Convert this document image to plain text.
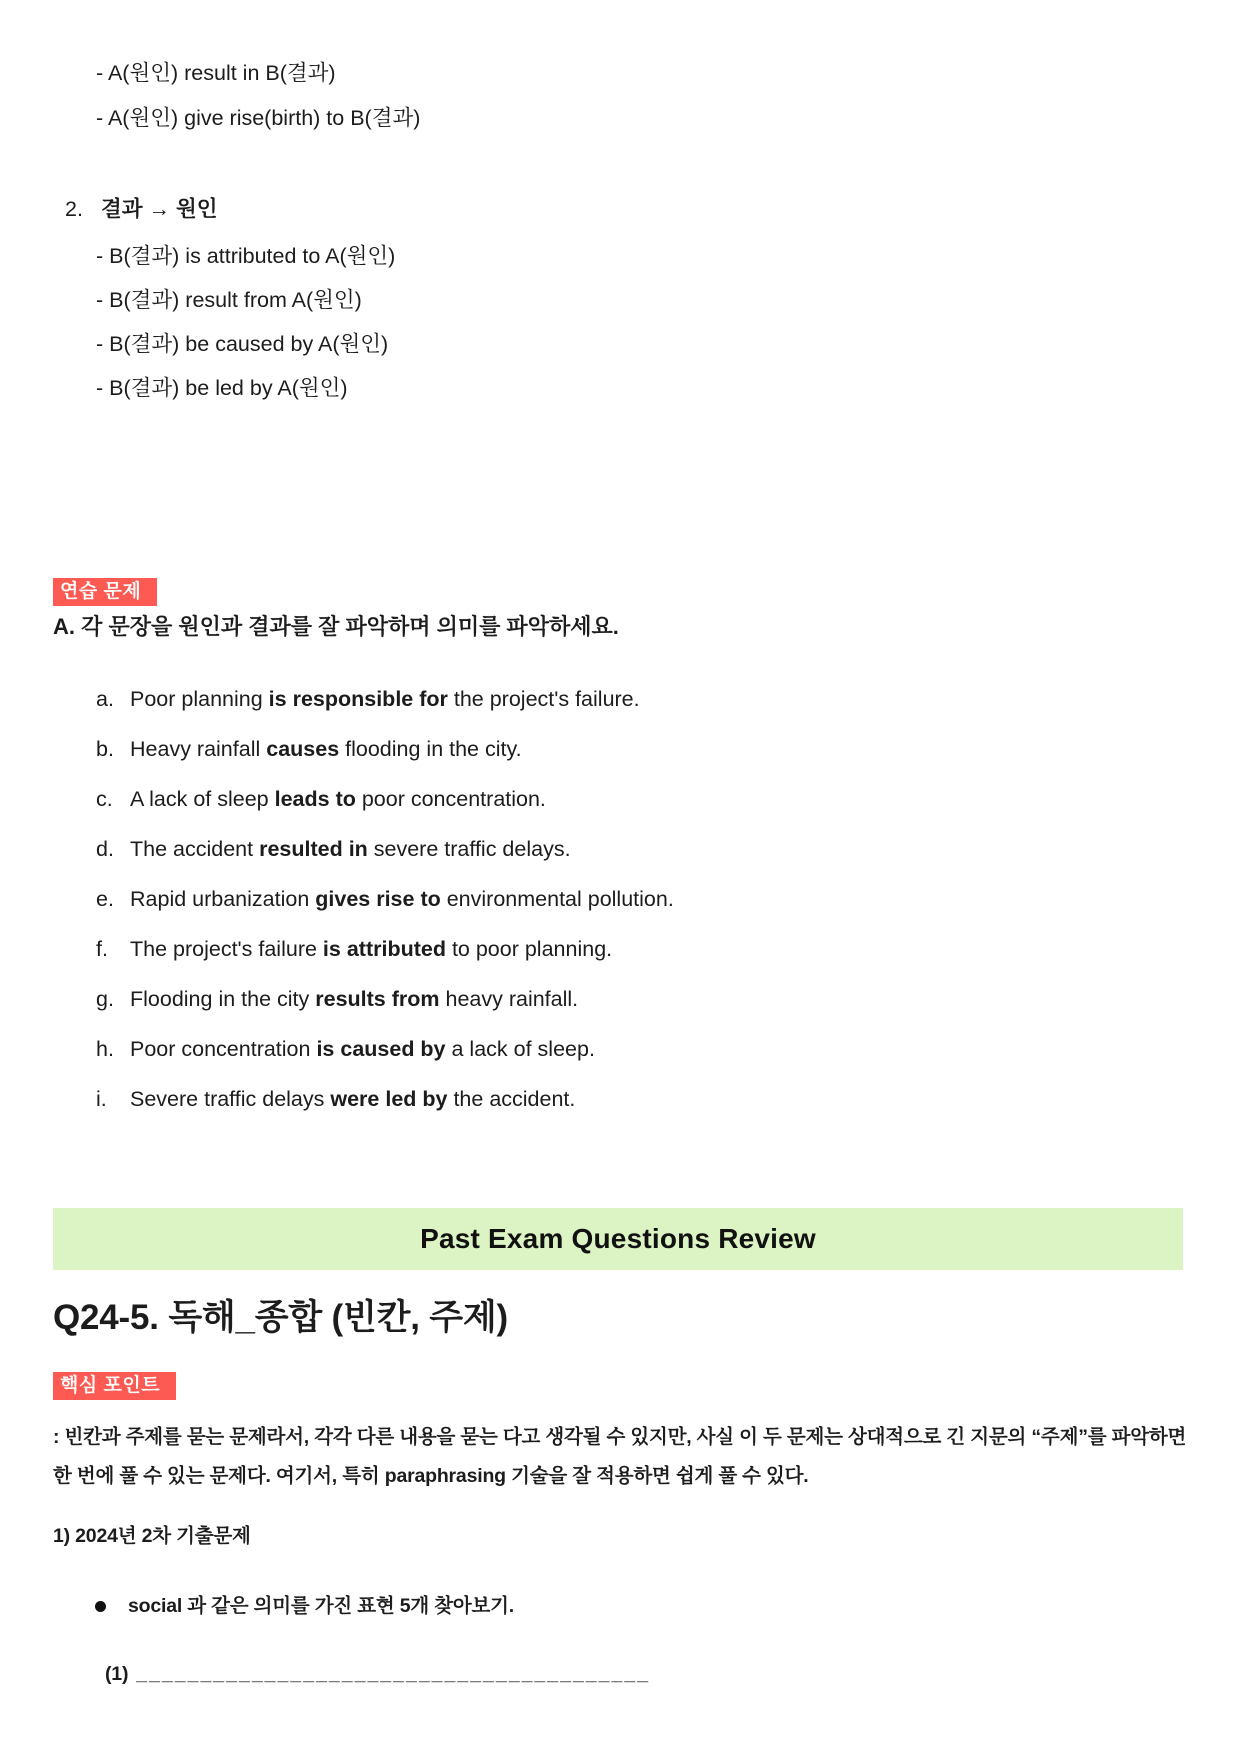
- A(원인) result in B(결과)
- A(원인) give rise(birth) to B(결과)
2. 결과 → 원인
- B(결과) is attributed to A(원인)
- B(결과) result from A(원인)
- B(결과) be caused by A(원인)
- B(결과) be led by A(원인)
연습 문제
A. 각 문장을 원인과 결과를 잘 파악하며 의미를 파악하세요.
a. Poor planning is responsible for the project's failure.
b. Heavy rainfall causes flooding in the city.
c. A lack of sleep leads to poor concentration.
d. The accident resulted in severe traffic delays.
e. Rapid urbanization gives rise to environmental pollution.
f.	The project's failure is attributed to poor planning.
g. Flooding in the city results from heavy rainfall.
h. Poor concentration is caused by a lack of sleep.
i.	Severe traffic delays were led by the accident.
Past Exam Questions Review
Q24-5. 독해_종합 (빈칸, 주제)
핵심 포인트
: 빈칸과 주제를 묻는 문제라서, 각각 다른 내용을 묻는 다고 생각될 수 있지만, 사실 이 두 문제는 상대적으로 긴 지문의 “주제”를 파악하면
한 번에 풀 수 있는 문제다. 여기서, 특히 paraphrasing 기술을 잘 적용하면 쉽게 풀 수 있다.
1) 2024년 2차 기출문제
social 과 같은 의미를 가진 표현 5개 찾아보기.
(1) ________________________________________
